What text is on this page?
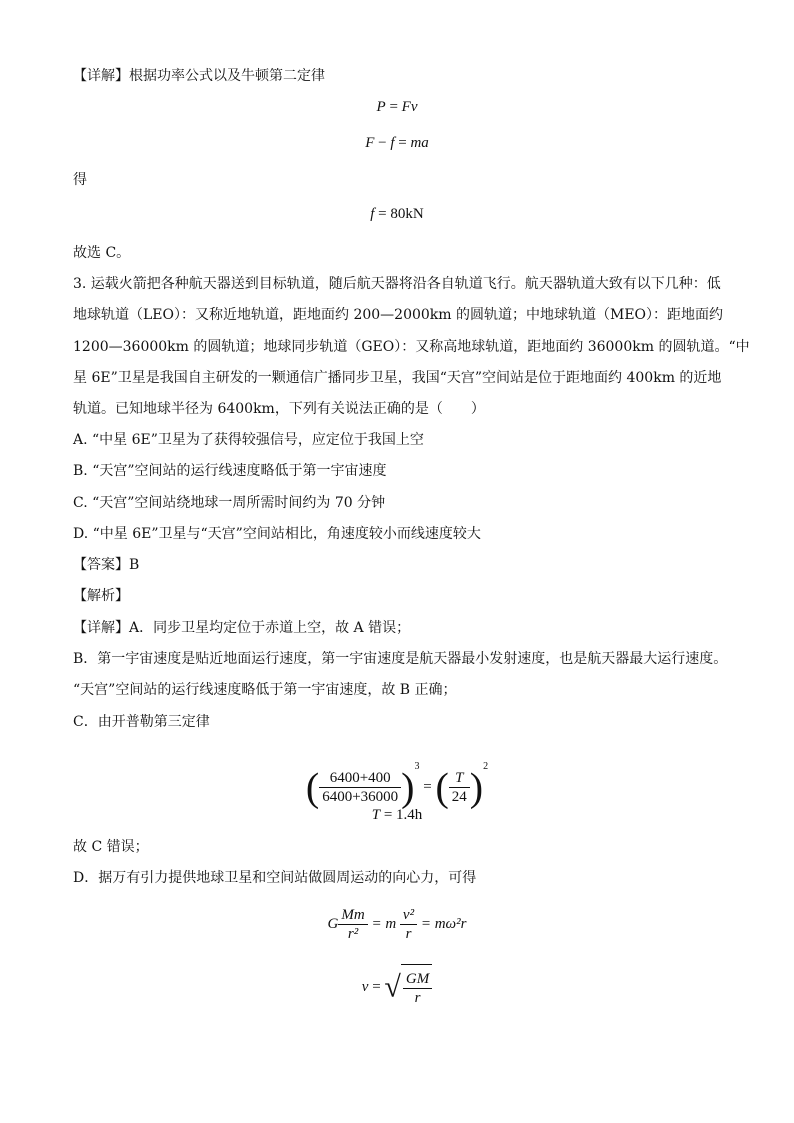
【详解】根据功率公式以及牛顿第二定律
P = Fv
F − f = ma
得
f = 80kN
故选 C。
3. 运载火箭把各种航天器送到目标轨道，随后航天器将沿各自轨道飞行。航天器轨道大致有以下几种：低
地球轨道（LEO）：又称近地轨道，距地面约 200—2000km 的圆轨道；中地球轨道（MEO）：距地面约
1200—36000km 的圆轨道；地球同步轨道（GEO）：又称高地球轨道，距地面约 36000km 的圆轨道。“中
星 6E”卫星是我国自主研发的一颗通信广播同步卫星，我国“天宫”空间站是位于距地面约 400km 的近地
轨道。已知地球半径为 6400km，下列有关说法正确的是（　　）
A. “中星 6E”卫星为了获得较强信号，应定位于我国上空
B. “天宫”空间站的运行线速度略低于第一宇宙速度
C. “天宫”空间站绕地球一周所需时间约为 70 分钟
D. “中星 6E”卫星与“天宫”空间站相比，角速度较小而线速度较大
【答案】B
【解析】
【详解】A．同步卫星均定位于赤道上空，故 A 错误；
B．第一宇宙速度是贴近地面运行速度，第一宇宙速度是航天器最小发射速度，也是航天器最大运行速度。
“天宫”空间站的运行线速度略低于第一宇宙速度，故 B 正确；
C．由开普勒第三定律
( $\frac{6400+400}{6400+36000} )^3$ = ( $\frac{T}{24} )^2$
T = 1.4h
故 C 错误；
D．据万有引力提供地球卫星和空间站做圆周运动的向心力，可得
G $\frac{Mm}{\text{r²}} = m \frac{\text{v²}}{r} = m\omega^2r$
v = √ $\frac{GM}{r}$
